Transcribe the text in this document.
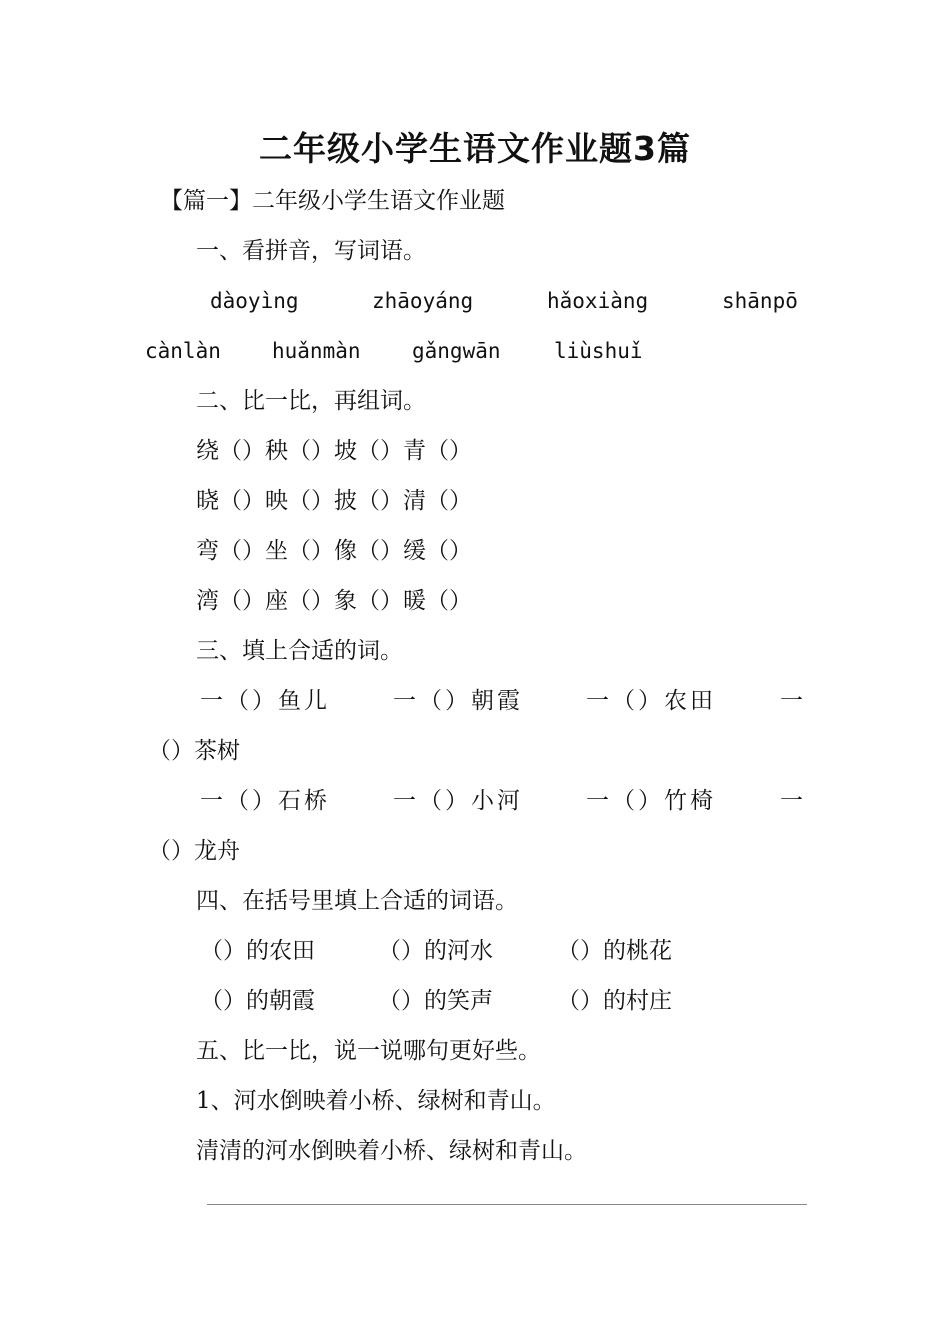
二年级小学生语文作业题3篇
【篇一】二年级小学生语文作业题
一、看拼音，写词语。
dàoyìng	zhāoyáng	hǎoxiàng	shānpō
cànlàn huǎnmàn gǎngwān	liùshuǐ
二、比一比，再组词。
绕（）秧（）坡（）青（）
晓（）映（）披（）清（）
弯（）坐（）像（）缓（）
湾（）座（）象（）暖（）
三、填上合适的词。
一（）鱼儿	一（）朝霞	一（）农田	一
（）茶树
一（）石桥	一（）小河	一（）竹椅	一
（）龙舟
四、在括号里填上合适的词语。
（）的农田	（）的河水	（）的桃花
（）的朝霞	（）的笑声	（）的村庄
五、比一比，说一说哪句更好些。
1、河水倒映着小桥、绿树和青山。
清清的河水倒映着小桥、绿树和青山。
